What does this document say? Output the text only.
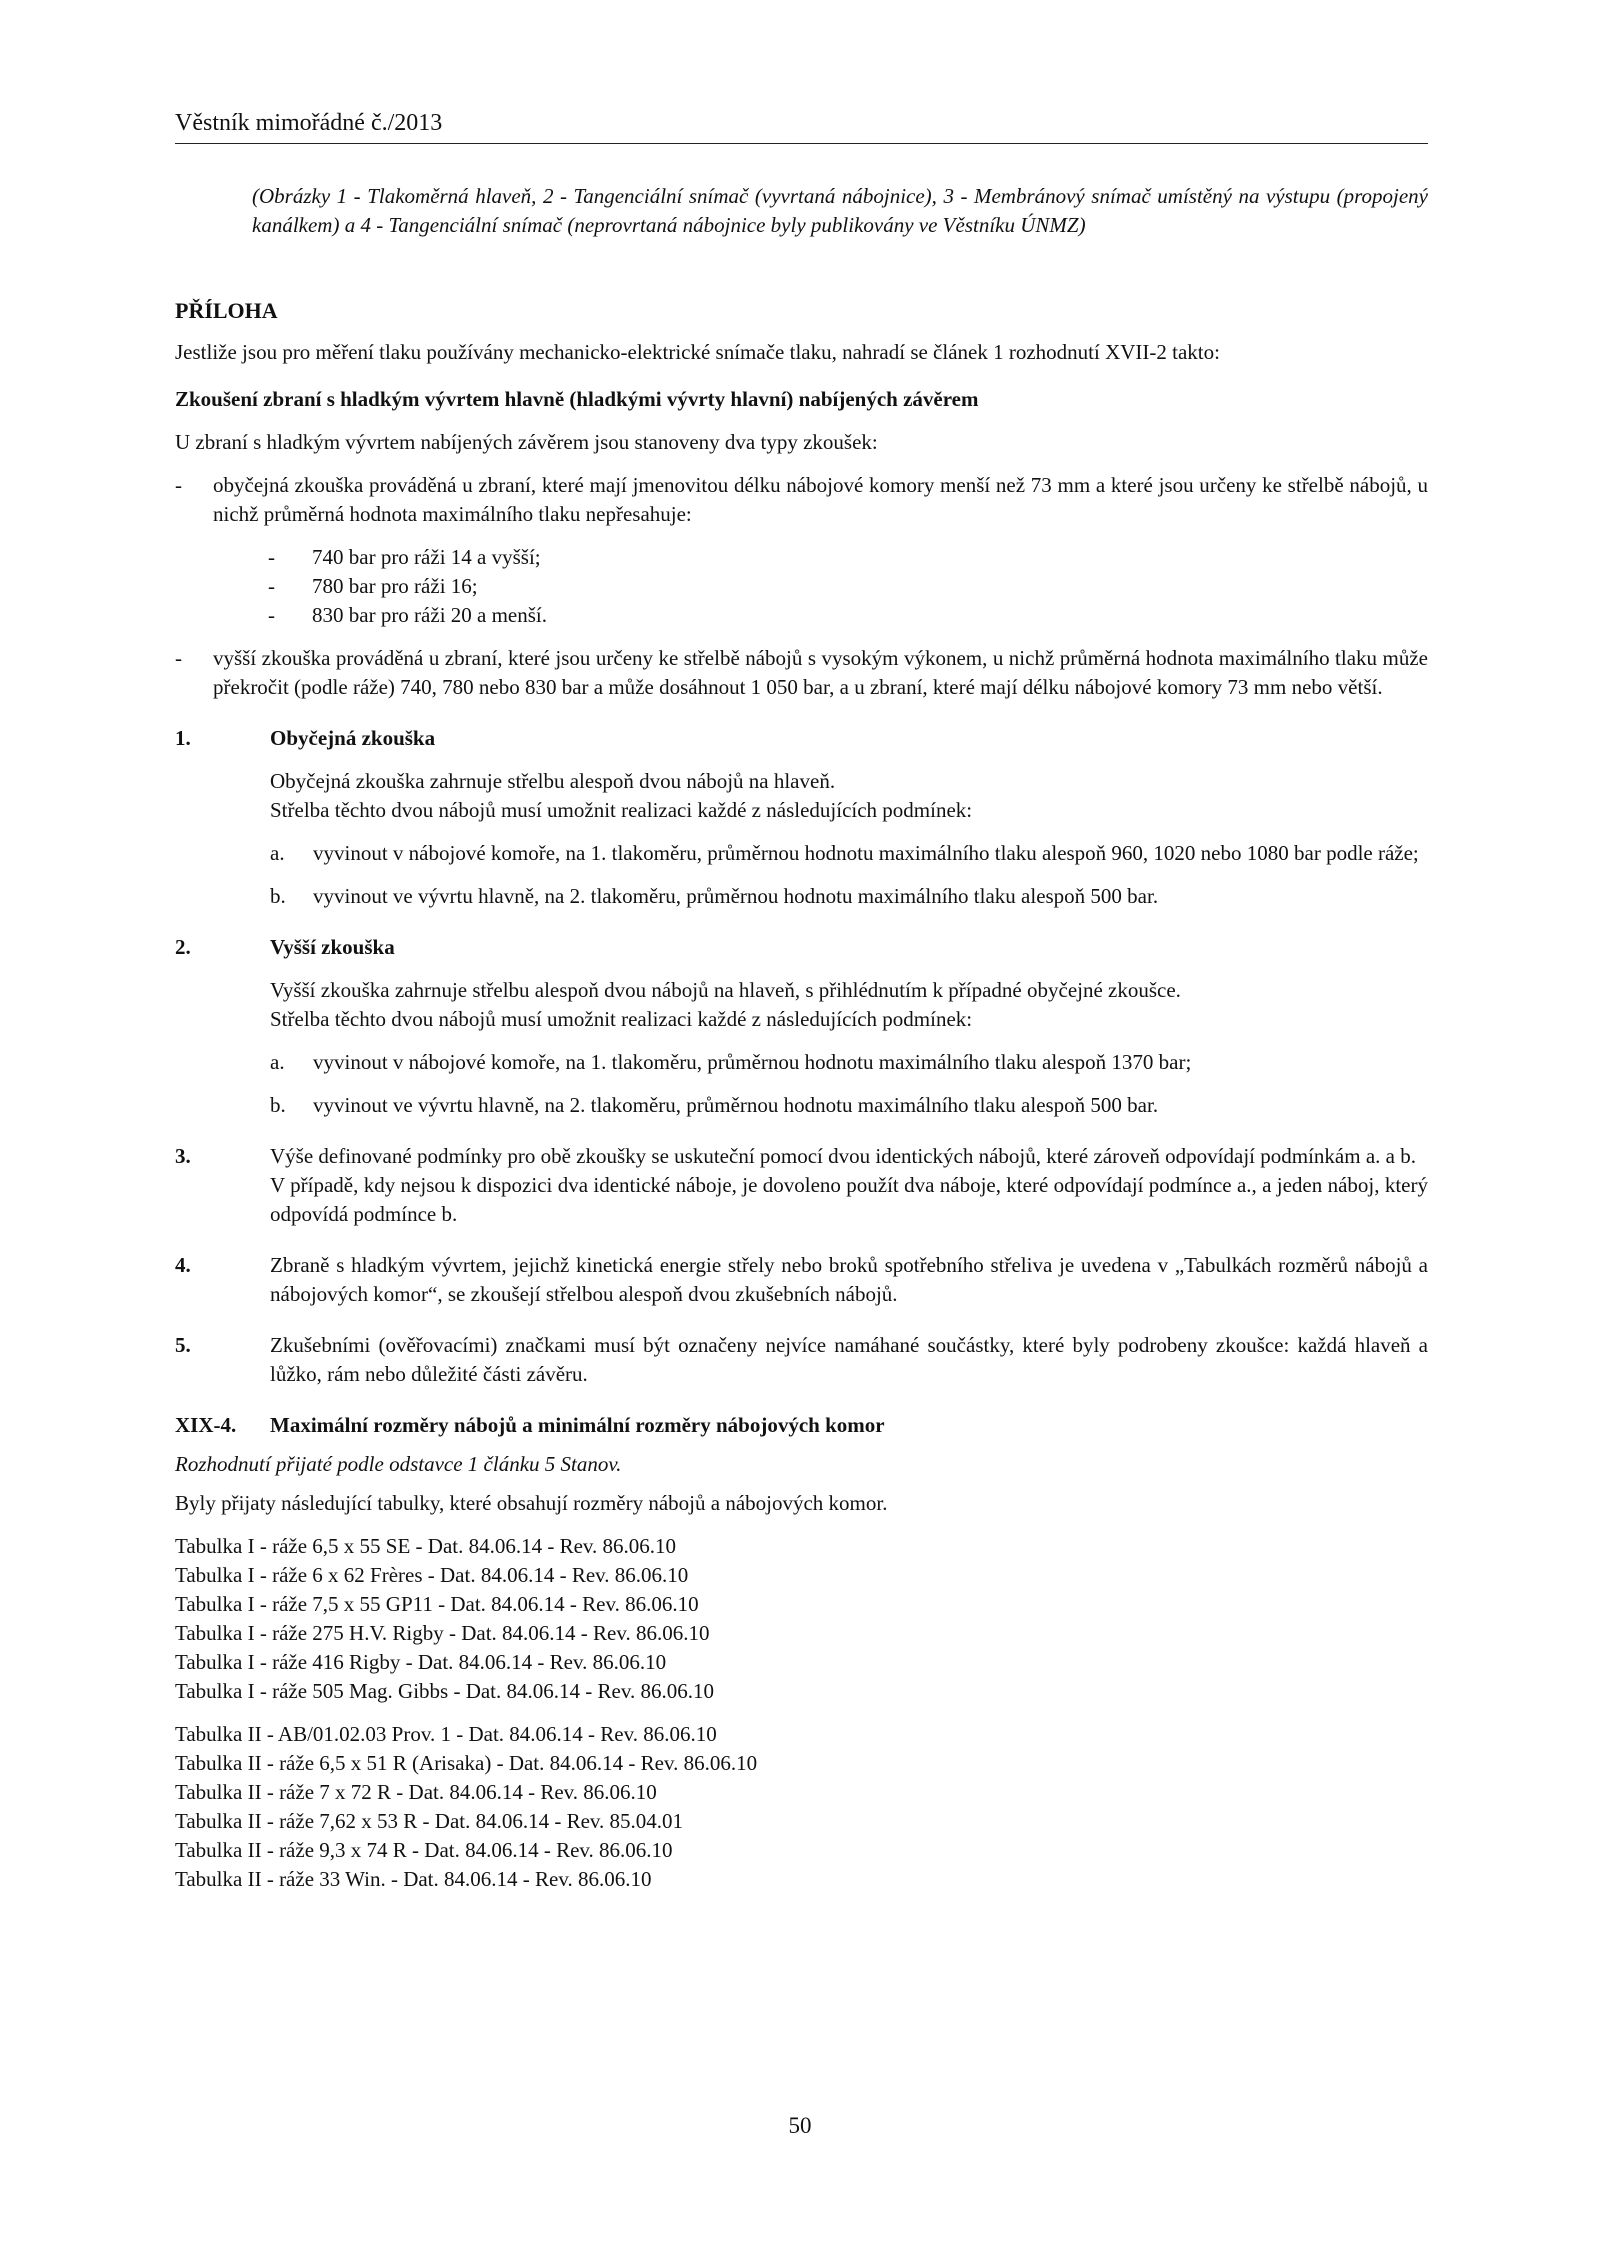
Věstník mimořádné č./2013

(Obrázky 1 - Tlakoměrná hlaveň, 2 - Tangenciální snímač (vyvrtaná nábojnice), 3 - Membránový snímač umístěný na výstupu (propojený kanálkem) a 4 - Tangenciální snímač (neprovrtaná nábojnice byly publikovány ve Věstníku ÚNMZ)

PŘÍLOHA

Jestliže jsou pro měření tlaku používány mechanicko-elektrické snímače tlaku, nahradí se článek 1 rozhodnutí XVII-2 takto:

Zkoušení zbraní s hladkým vývrtem hlavně (hladkými vývrty hlavní) nabíjených závěrem

U zbraní s hladkým vývrtem nabíjených závěrem jsou stanoveny dva typy zkoušek:

-	obyčejná zkouška prováděná u zbraní, které mají jmenovitou délku nábojové komory menší než 73 mm a které jsou určeny ke střelbě nábojů, u nichž průměrná hodnota maximálního tlaku nepřesahuje:
-	740 bar pro ráži 14 a vyšší;
-	780 bar pro ráži 16;
-	830 bar pro ráži 20 a menší.
-	vyšší zkouška prováděná u zbraní, které jsou určeny ke střelbě nábojů s vysokým výkonem, u nichž průměrná hodnota maximálního tlaku může překročit (podle ráže) 740, 780 nebo 830 bar a může dosáhnout 1 050 bar, a u zbraní, které mají délku nábojové komory 73 mm nebo větší.
1.	Obyčejná zkouška

Obyčejná zkouška zahrnuje střelbu alespoň dvou nábojů na hlaveň.

Střelba těchto dvou nábojů musí umožnit realizaci každé z následujících podmínek:

a.	vyvinout v nábojové komoře, na 1. tlakoměru, průměrnou hodnotu maximálního tlaku alespoň 960, 1020 nebo 1080 bar podle ráže;
b.	vyvinout ve vývrtu hlavně, na 2. tlakoměru, průměrnou hodnotu maximálního tlaku alespoň 500 bar.
2.	Vyšší zkouška

Vyšší zkouška zahrnuje střelbu alespoň dvou nábojů na hlaveň, s přihlédnutím k případné obyčejné zkoušce.

Střelba těchto dvou nábojů musí umožnit realizaci každé z následujících podmínek:

a.	vyvinout v nábojové komoře, na 1. tlakoměru, průměrnou hodnotu maximálního tlaku alespoň 1370 bar;
b.	vyvinout ve vývrtu hlavně, na 2. tlakoměru, průměrnou hodnotu maximálního tlaku alespoň 500 bar.
3.	Výše definované podmínky pro obě zkoušky se uskuteční pomocí dvou identických nábojů, které zároveň odpovídají podmínkám a. a b.
V případě, kdy nejsou k dispozici dva identické náboje, je dovoleno použít dva náboje, které odpovídají podmínce a., a jeden náboj, který odpovídá podmínce b.
4.	Zbraně s hladkým vývrtem, jejichž kinetická energie střely nebo broků spotřebního střeliva je uvedena v „Tabulkách rozměrů nábojů a nábojových komor“, se zkoušejí střelbou alespoň dvou zkušebních nábojů.
5.	Zkušebními (ověřovacími) značkami musí být označeny nejvíce namáhané součástky, které byly podrobeny zkoušce: každá hlaveň a lůžko, rám nebo důležité části závěru.
XIX-4.	Maximální rozměry nábojů a minimální rozměry nábojových komor

Rozhodnutí přijaté podle odstavce 1 článku 5 Stanov.

Byly přijaty následující tabulky, které obsahují rozměry nábojů a nábojových komor.

Tabulka I - ráže 6,5 x 55 SE - Dat. 84.06.14 - Rev. 86.06.10
Tabulka I - ráže 6 x 62 Frères - Dat. 84.06.14 - Rev. 86.06.10
Tabulka I - ráže 7,5 x 55 GP11 - Dat. 84.06.14 - Rev. 86.06.10
Tabulka I - ráže 275 H.V. Rigby - Dat. 84.06.14 - Rev. 86.06.10
Tabulka I - ráže 416 Rigby - Dat. 84.06.14 - Rev. 86.06.10
Tabulka I - ráže 505 Mag. Gibbs - Dat. 84.06.14 - Rev. 86.06.10
Tabulka II - AB/01.02.03 Prov. 1 - Dat. 84.06.14 - Rev. 86.06.10
Tabulka II - ráže 6,5 x 51 R (Arisaka) - Dat. 84.06.14 - Rev. 86.06.10
Tabulka II - ráže 7 x 72 R - Dat. 84.06.14 - Rev. 86.06.10
Tabulka II - ráže 7,62 x 53 R - Dat. 84.06.14 - Rev. 85.04.01
Tabulka II - ráže 9,3 x 74 R - Dat. 84.06.14 - Rev. 86.06.10
Tabulka II - ráže 33 Win. - Dat. 84.06.14 - Rev. 86.06.10
50
